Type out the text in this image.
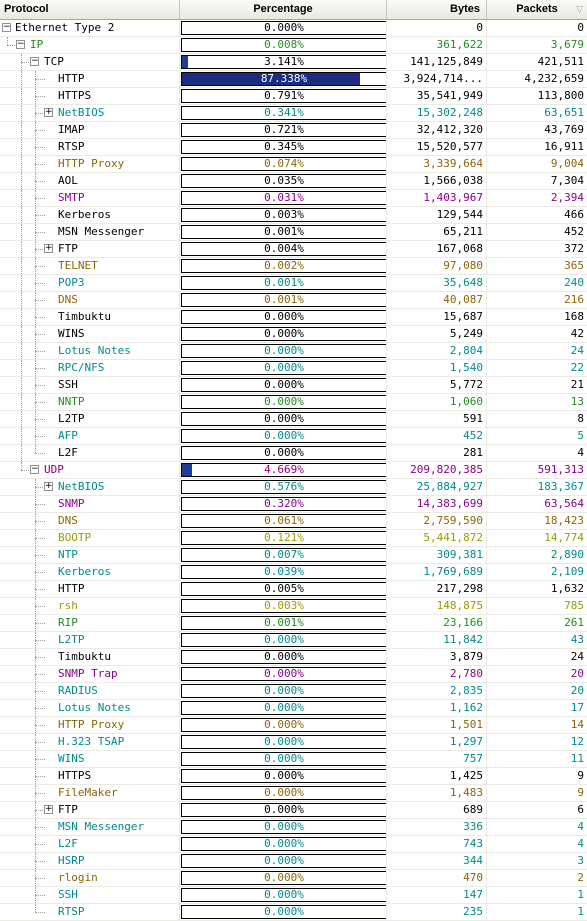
Protocol	Percentage	Bytes	Packets ▽
− Ethernet Type 2	0.000%	0	0
− IP	0.008%	361,622	3,679
− TCP	3.141%	141,125,849	421,511
HTTP	87.338%	3,924,714...	4,232,659
HTTPS	0.791%	35,541,949	113,800
+ NetBIOS	0.341%	15,302,248	63,651
IMAP	0.721%	32,412,320	43,769
RTSP	0.345%	15,520,577	16,911
HTTP Proxy	0.074%	3,339,664	9,004
AOL	0.035%	1,566,038	7,304
SMTP	0.031%	1,403,967	2,394
Kerberos	0.003%	129,544	466
MSN Messenger	0.001%	65,211	452
+ FTP	0.004%	167,068	372
TELNET	0.002%	97,080	365
POP3	0.001%	35,648	240
DNS	0.001%	40,087	216
Timbuktu	0.000%	15,687	168
WINS	0.000%	5,249	42
Lotus Notes	0.000%	2,804	24
RPC/NFS	0.000%	1,540	22
SSH	0.000%	5,772	21
NNTP	0.000%	1,060	13
L2TP	0.000%	591	8
AFP	0.000%	452	5
L2F	0.000%	281	4
− UDP	4.669%	209,820,385	591,313
+ NetBIOS	0.576%	25,884,927	183,367
SNMP	0.320%	14,383,699	63,564
DNS	0.061%	2,759,590	18,423
BOOTP	0.121%	5,441,872	14,774
NTP	0.007%	309,381	2,890
Kerberos	0.039%	1,769,689	2,109
HTTP	0.005%	217,298	1,632
rsh	0.003%	148,875	785
RIP	0.001%	23,166	261
L2TP	0.000%	11,842	43
Timbuktu	0.000%	3,879	24
SNMP Trap	0.000%	2,780	20
RADIUS	0.000%	2,835	20
Lotus Notes	0.000%	1,162	17
HTTP Proxy	0.000%	1,501	14
H.323 TSAP	0.000%	1,297	12
WINS	0.000%	757	11
HTTPS	0.000%	1,425	9
FileMaker	0.000%	1,483	9
+ FTP	0.000%	689	6
MSN Messenger	0.000%	336	4
L2F	0.000%	743	4
HSRP	0.000%	344	3
rlogin	0.000%	470	2
SSH	0.000%	147	1
RTSP	0.000%	235	1
